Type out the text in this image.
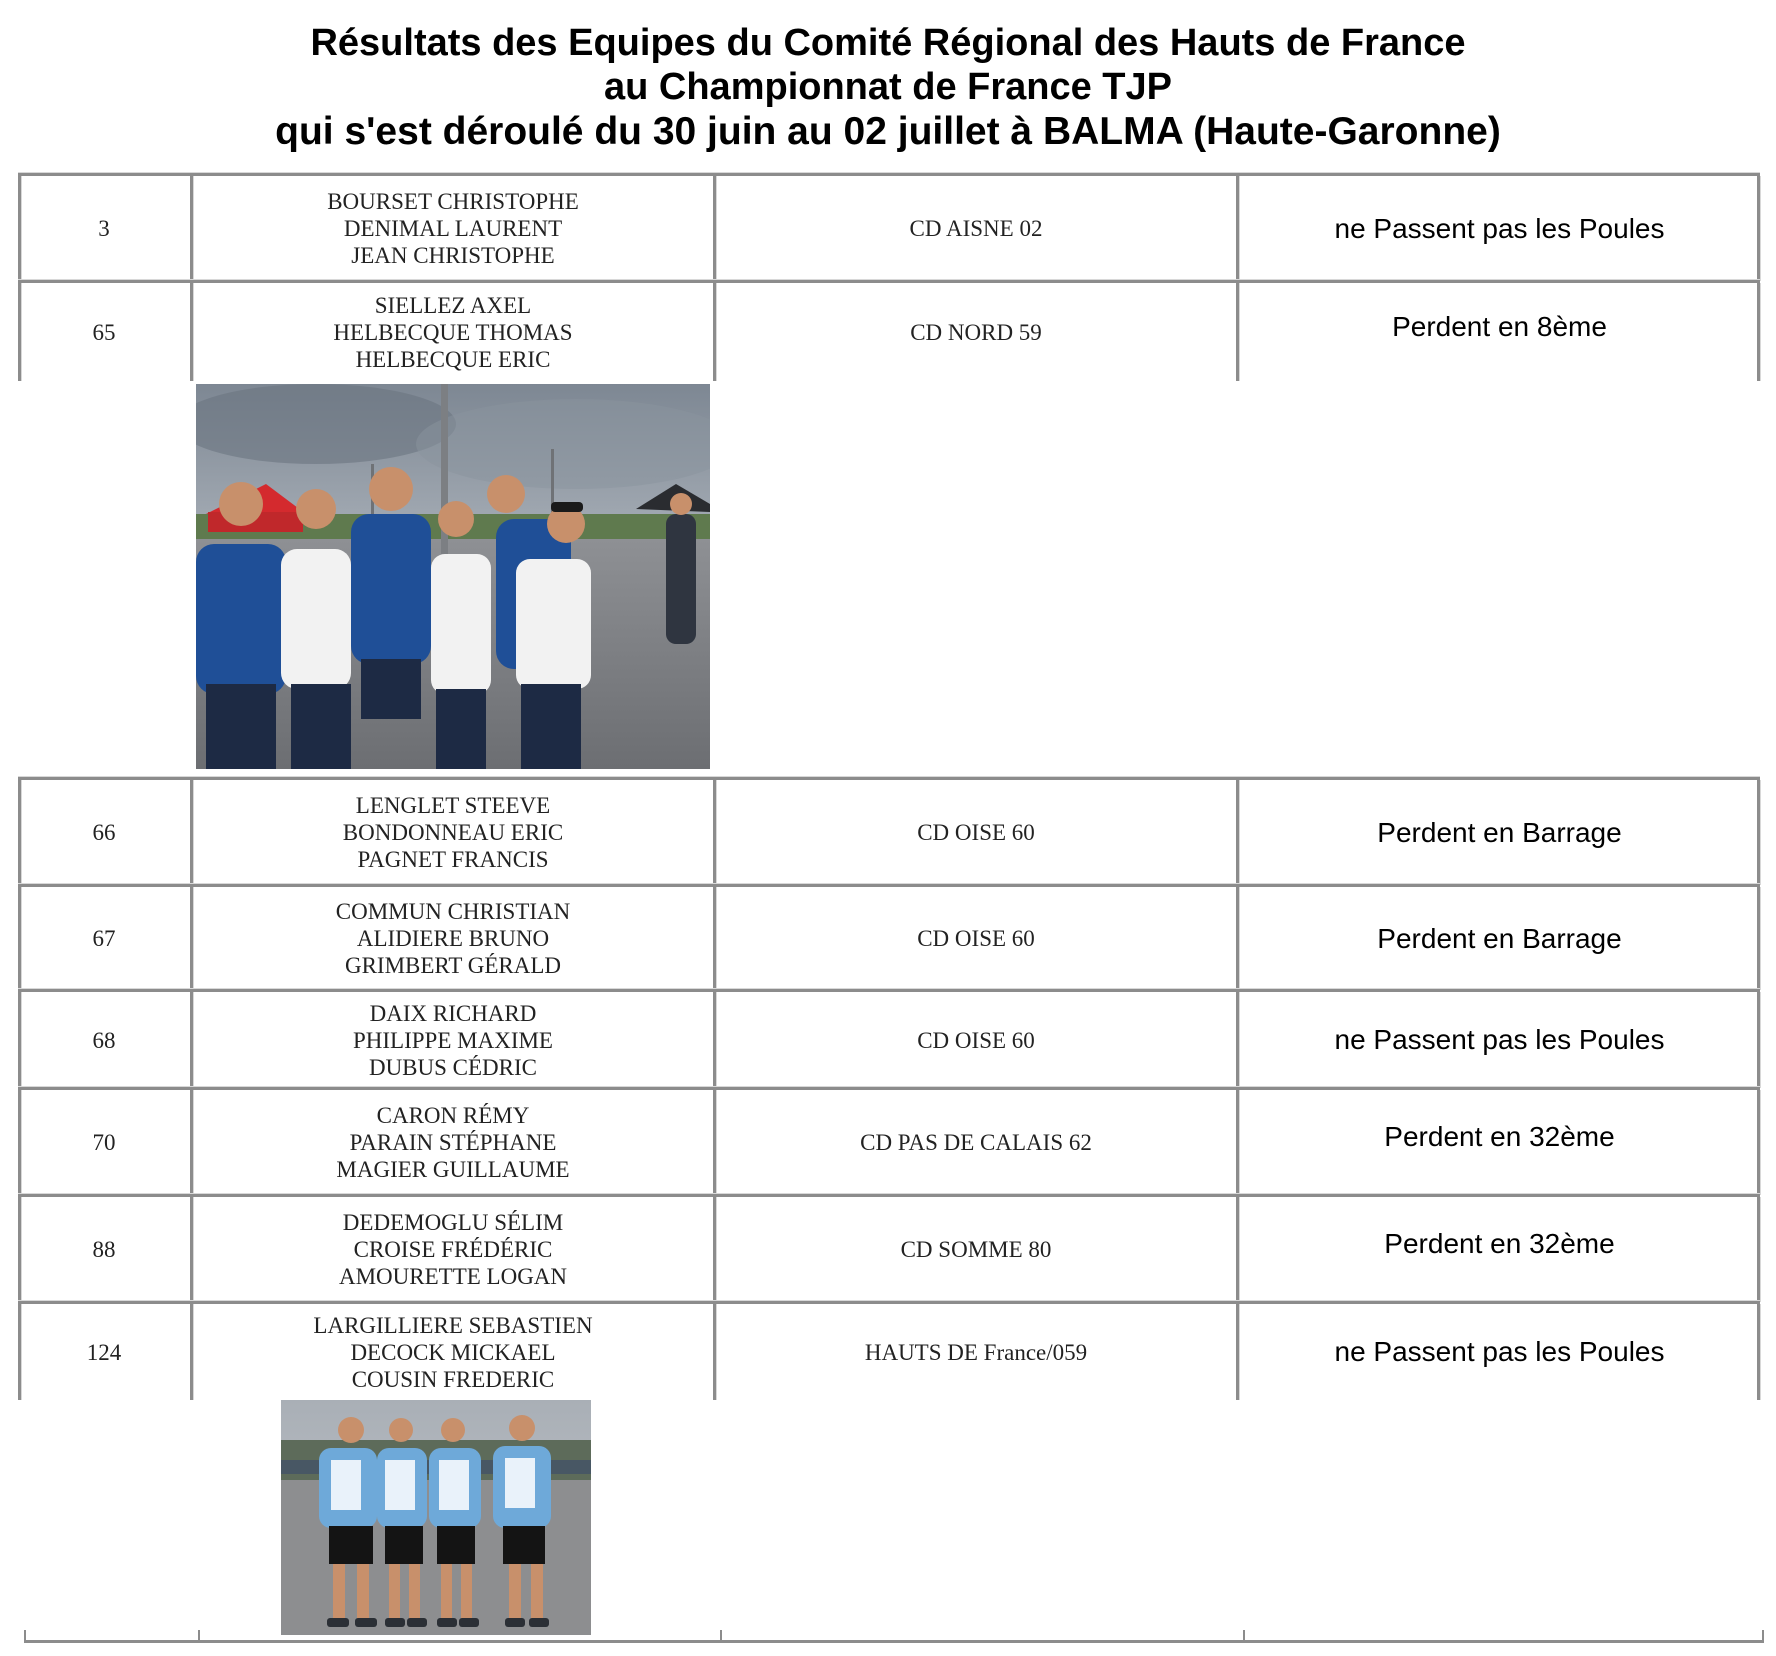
Résultats des Equipes du Comité Régional des Hauts de France
au Championnat de France TJP
qui s'est déroulé du 30 juin au 02 juillet à BALMA (Haute-Garonne)
3
BOURSET CHRISTOPHE
DENIMAL LAURENT
JEAN CHRISTOPHE
CD AISNE 02	ne Passent pas les Poules
65
SIELLEZ AXEL
HELBECQUE THOMAS
HELBECQUE ERIC
CD NORD 59	Perdent en 8ème
66
LENGLET STEEVE
BONDONNEAU ERIC
PAGNET FRANCIS
CD OISE 60	Perdent en Barrage
67
COMMUN CHRISTIAN
ALIDIERE BRUNO
GRIMBERT GÉRALD
CD OISE 60	Perdent en Barrage
68
DAIX RICHARD
PHILIPPE MAXIME
DUBUS CÉDRIC
CD OISE 60	ne Passent pas les Poules
70
CARON RÉMY
PARAIN STÉPHANE
MAGIER GUILLAUME
CD PAS DE CALAIS 62	Perdent en 32ème
88
DEDEMOGLU SÉLIM
CROISE FRÉDÉRIC
AMOURETTE LOGAN
CD SOMME 80	Perdent en 32ème
124
LARGILLIERE SEBASTIEN
DECOCK MICKAEL
COUSIN FREDERIC
HAUTS DE France/059	ne Passent pas les Poules
